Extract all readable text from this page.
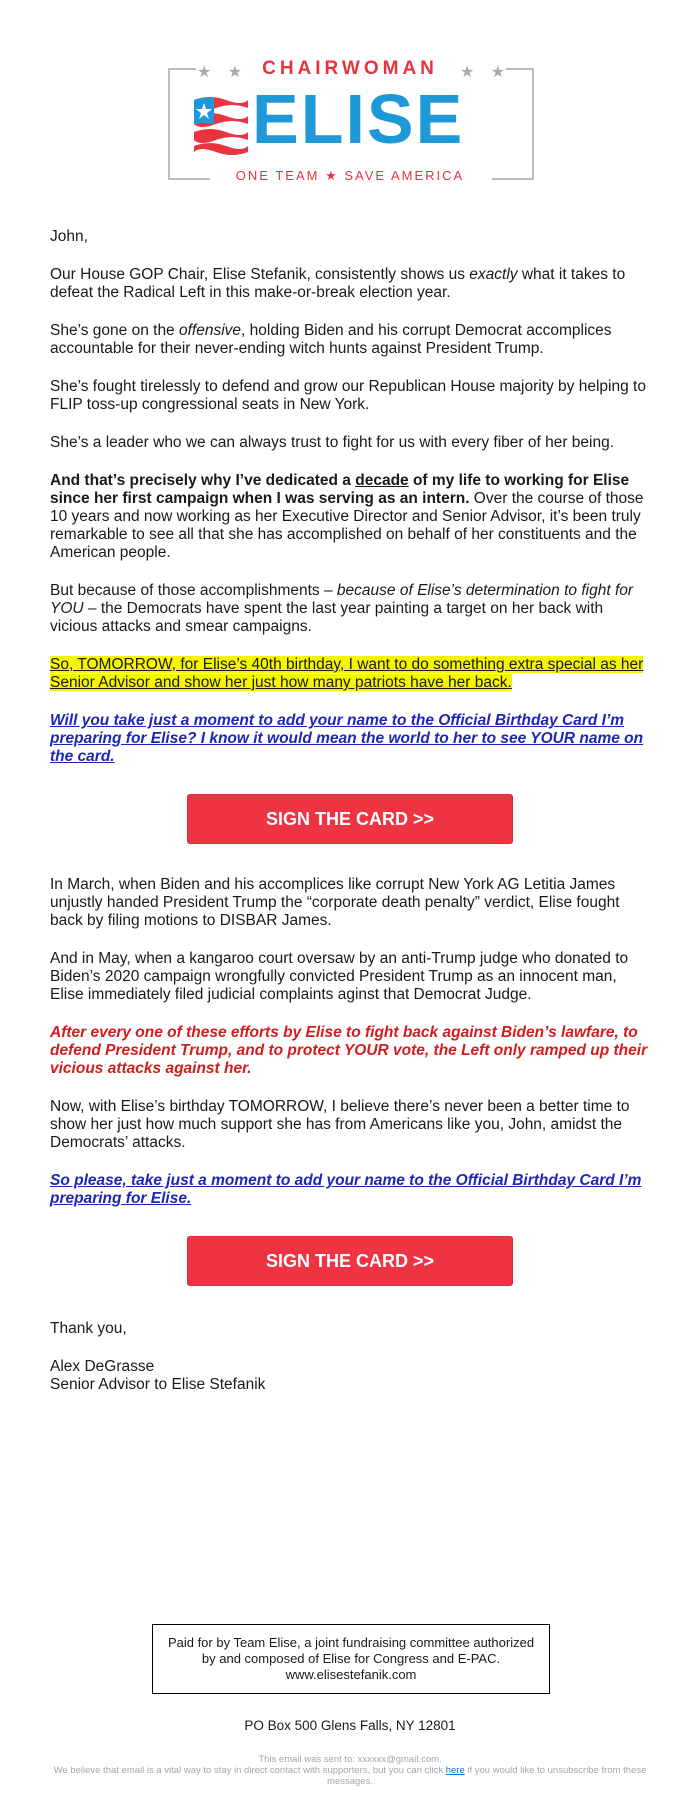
★ ★	★ ★
CHAIRWOMAN
ELISE
ONE TEAM ★ SAVE AMERICA

John,

Our House GOP Chair, Elise Stefanik, consistently shows us exactly what it takes to defeat the Radical Left in this make-or-break election year.

She’s gone on the offensive, holding Biden and his corrupt Democrat accomplices accountable for their never-ending witch hunts against President Trump.

She’s fought tirelessly to defend and grow our Republican House majority by helping to FLIP toss-up congressional seats in New York.

She’s a leader who we can always trust to fight for us with every fiber of her being.

And that’s precisely why I’ve dedicated a decade of my life to working for Elise since her first campaign when I was serving as an intern. Over the course of those 10 years and now working as her Executive Director and Senior Advisor, it’s been truly remarkable to see all that she has accomplished on behalf of her constituents and the American people.

But because of those accomplishments – because of Elise’s determination to fight for YOU – the Democrats have spent the last year painting a target on her back with vicious attacks and smear campaigns.

So, TOMORROW, for Elise’s 40th birthday, I want to do something extra special as her Senior Advisor and show her just how many patriots have her back.

Will you take just a moment to add your name to the Official Birthday Card I’m preparing for Elise? I know it would mean the world to her to see YOUR name on the card.

SIGN THE CARD >>

In March, when Biden and his accomplices like corrupt New York AG Letitia James unjustly handed President Trump the “corporate death penalty” verdict, Elise fought back by filing motions to DISBAR James.

And in May, when a kangaroo court oversaw by an anti-Trump judge who donated to Biden’s 2020 campaign wrongfully convicted President Trump as an innocent man, Elise immediately filed judicial complaints aginst that Democrat Judge.

After every one of these efforts by Elise to fight back against Biden’s lawfare, to defend President Trump, and to protect YOUR vote, the Left only ramped up their vicious attacks against her.

Now, with Elise’s birthday TOMORROW, I believe there’s never been a better time to show her just how much support she has from Americans like you, John, amidst the Democrats’ attacks.

So please, take just a moment to add your name to the Official Birthday Card I’m preparing for Elise.

SIGN THE CARD >>

Thank you,

Alex DeGrasse
Senior Advisor to Elise Stefanik

Paid for by Team Elise, a joint fundraising committee authorized by and composed of Elise for Congress and E-PAC. www.elisestefanik.com
PO Box 500 Glens Falls, NY 12801
This email was sent to: xxxxxx@gmail.com.
We believe that email is a vital way to stay in direct contact with supporters, but you can click here if you would like to unsubscribe from these messages.
